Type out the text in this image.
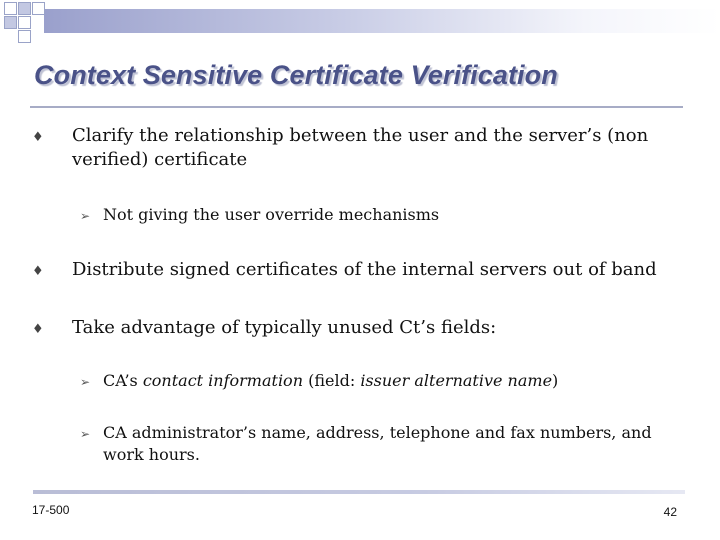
Context Sensitive Certificate Verification
♦ Clarify the relationship between the user and the server’s (non verified) certificate
➢ Not giving the user override mechanisms
♦ Distribute signed certificates of the internal servers out of band
♦ Take advantage of typically unused Ct’s fields:
➢ CA’s contact information (field: issuer alternative name)
➢ CA administrator’s name, address, telephone and fax numbers, and work hours.
17-500	42
